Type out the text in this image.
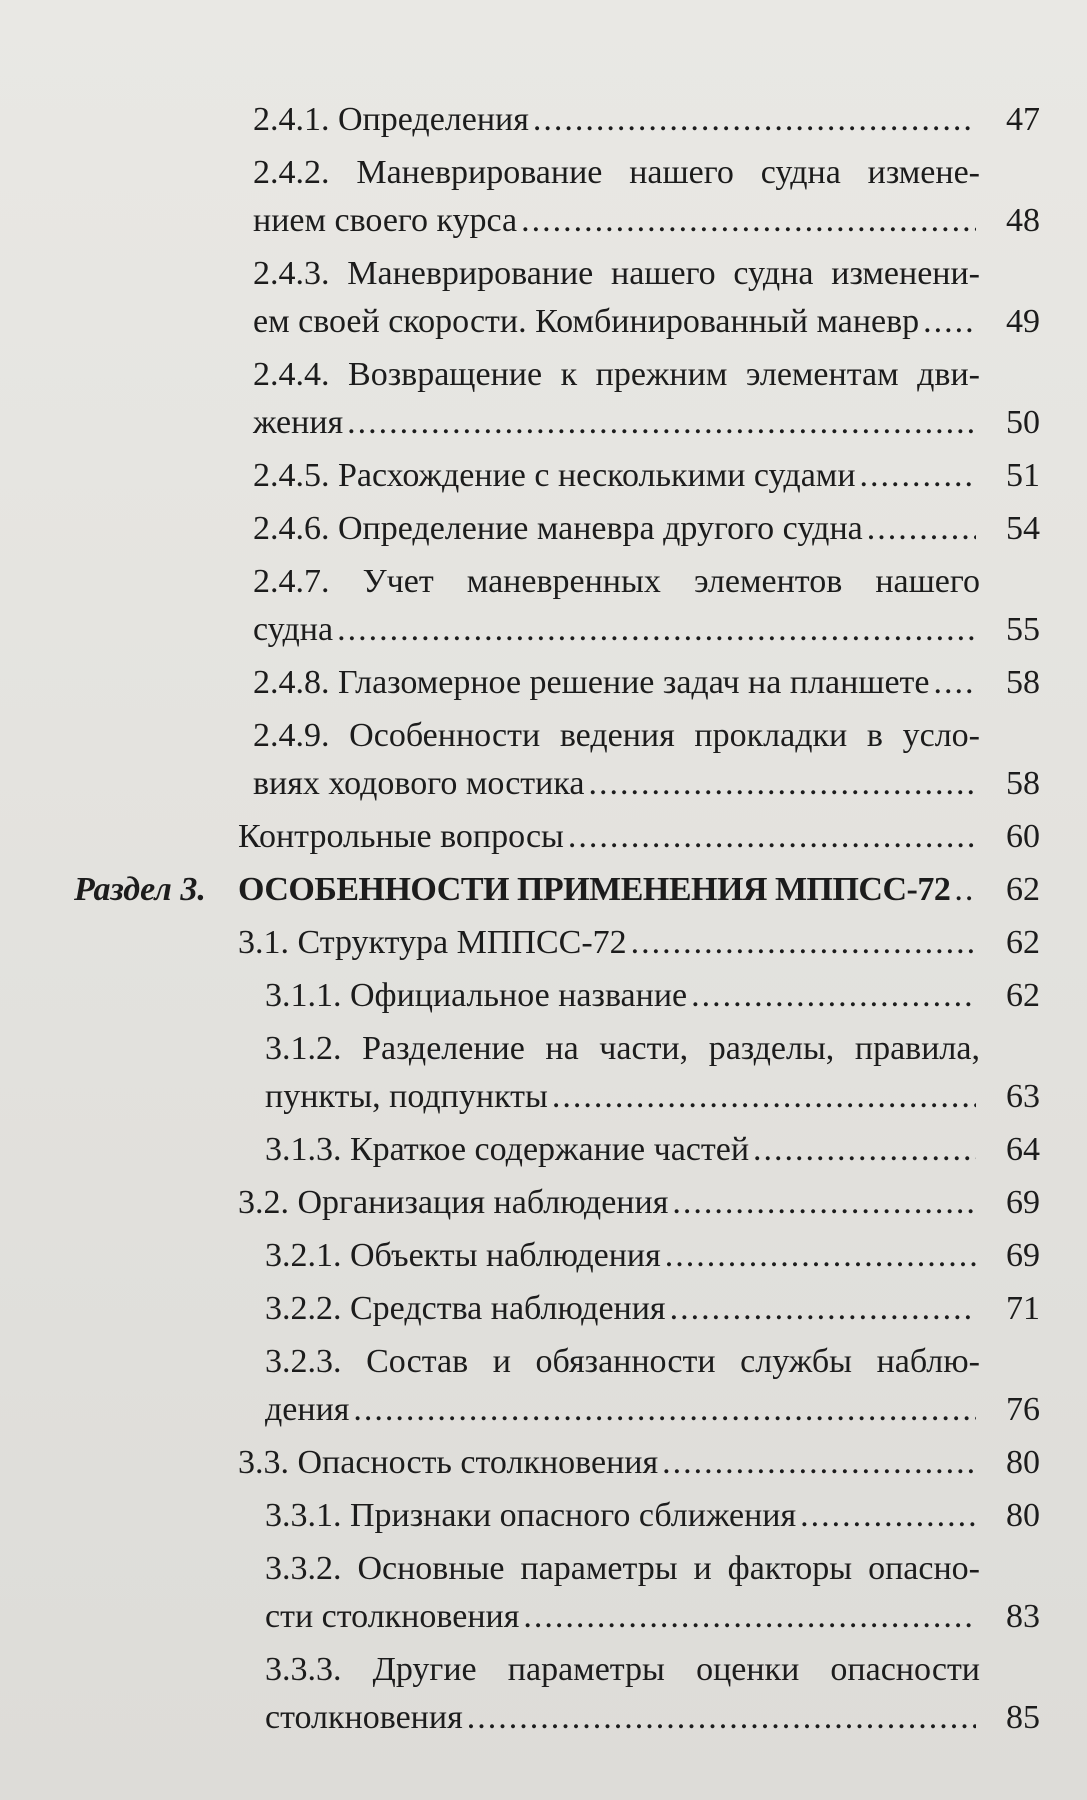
2.4.1. Определения .....	47
2.4.2. Маневрирование нашего судна измене-
нием своего курса .....	48
2.4.3. Маневрирование нашего судна изменени-
ем своей скорости. Комбинированный маневр .....	49
2.4.4. Возвращение к прежним элементам дви-
жения .....	50
2.4.5. Расхождение с несколькими судами .....	51
2.4.6. Определение маневра другого судна .....	54
2.4.7. Учет маневренных элементов нашего
судна .....	55
2.4.8. Глазомерное решение задач на планшете ..... 58
2.4.9. Особенности ведения прокладки в усло-
виях ходового мостика .....	58
Контрольные вопросы .....	60
Раздел 3. ОСОБЕННОСТИ ПРИМЕНЕНИЯ МППСС-72 ..... 62
3.1. Структура МППСС-72 .....	62
3.1.1. Официальное название .....	62
3.1.2. Разделение на части, разделы, правила,
пункты, подпункты .....	63
3.1.3. Краткое содержание частей .....	64
3.2. Организация наблюдения .....	69
3.2.1. Объекты наблюдения .....	69
3.2.2. Средства наблюдения .....	71
3.2.3. Состав и обязанности службы наблю-
дения .....	76
3.3. Опасность столкновения .....	80
3.3.1. Признаки опасного сближения .....	80
3.3.2. Основные параметры и факторы опасно-
сти столкновения .....	83
3.3.3. Другие параметры оценки опасности
столкновения .....	85
